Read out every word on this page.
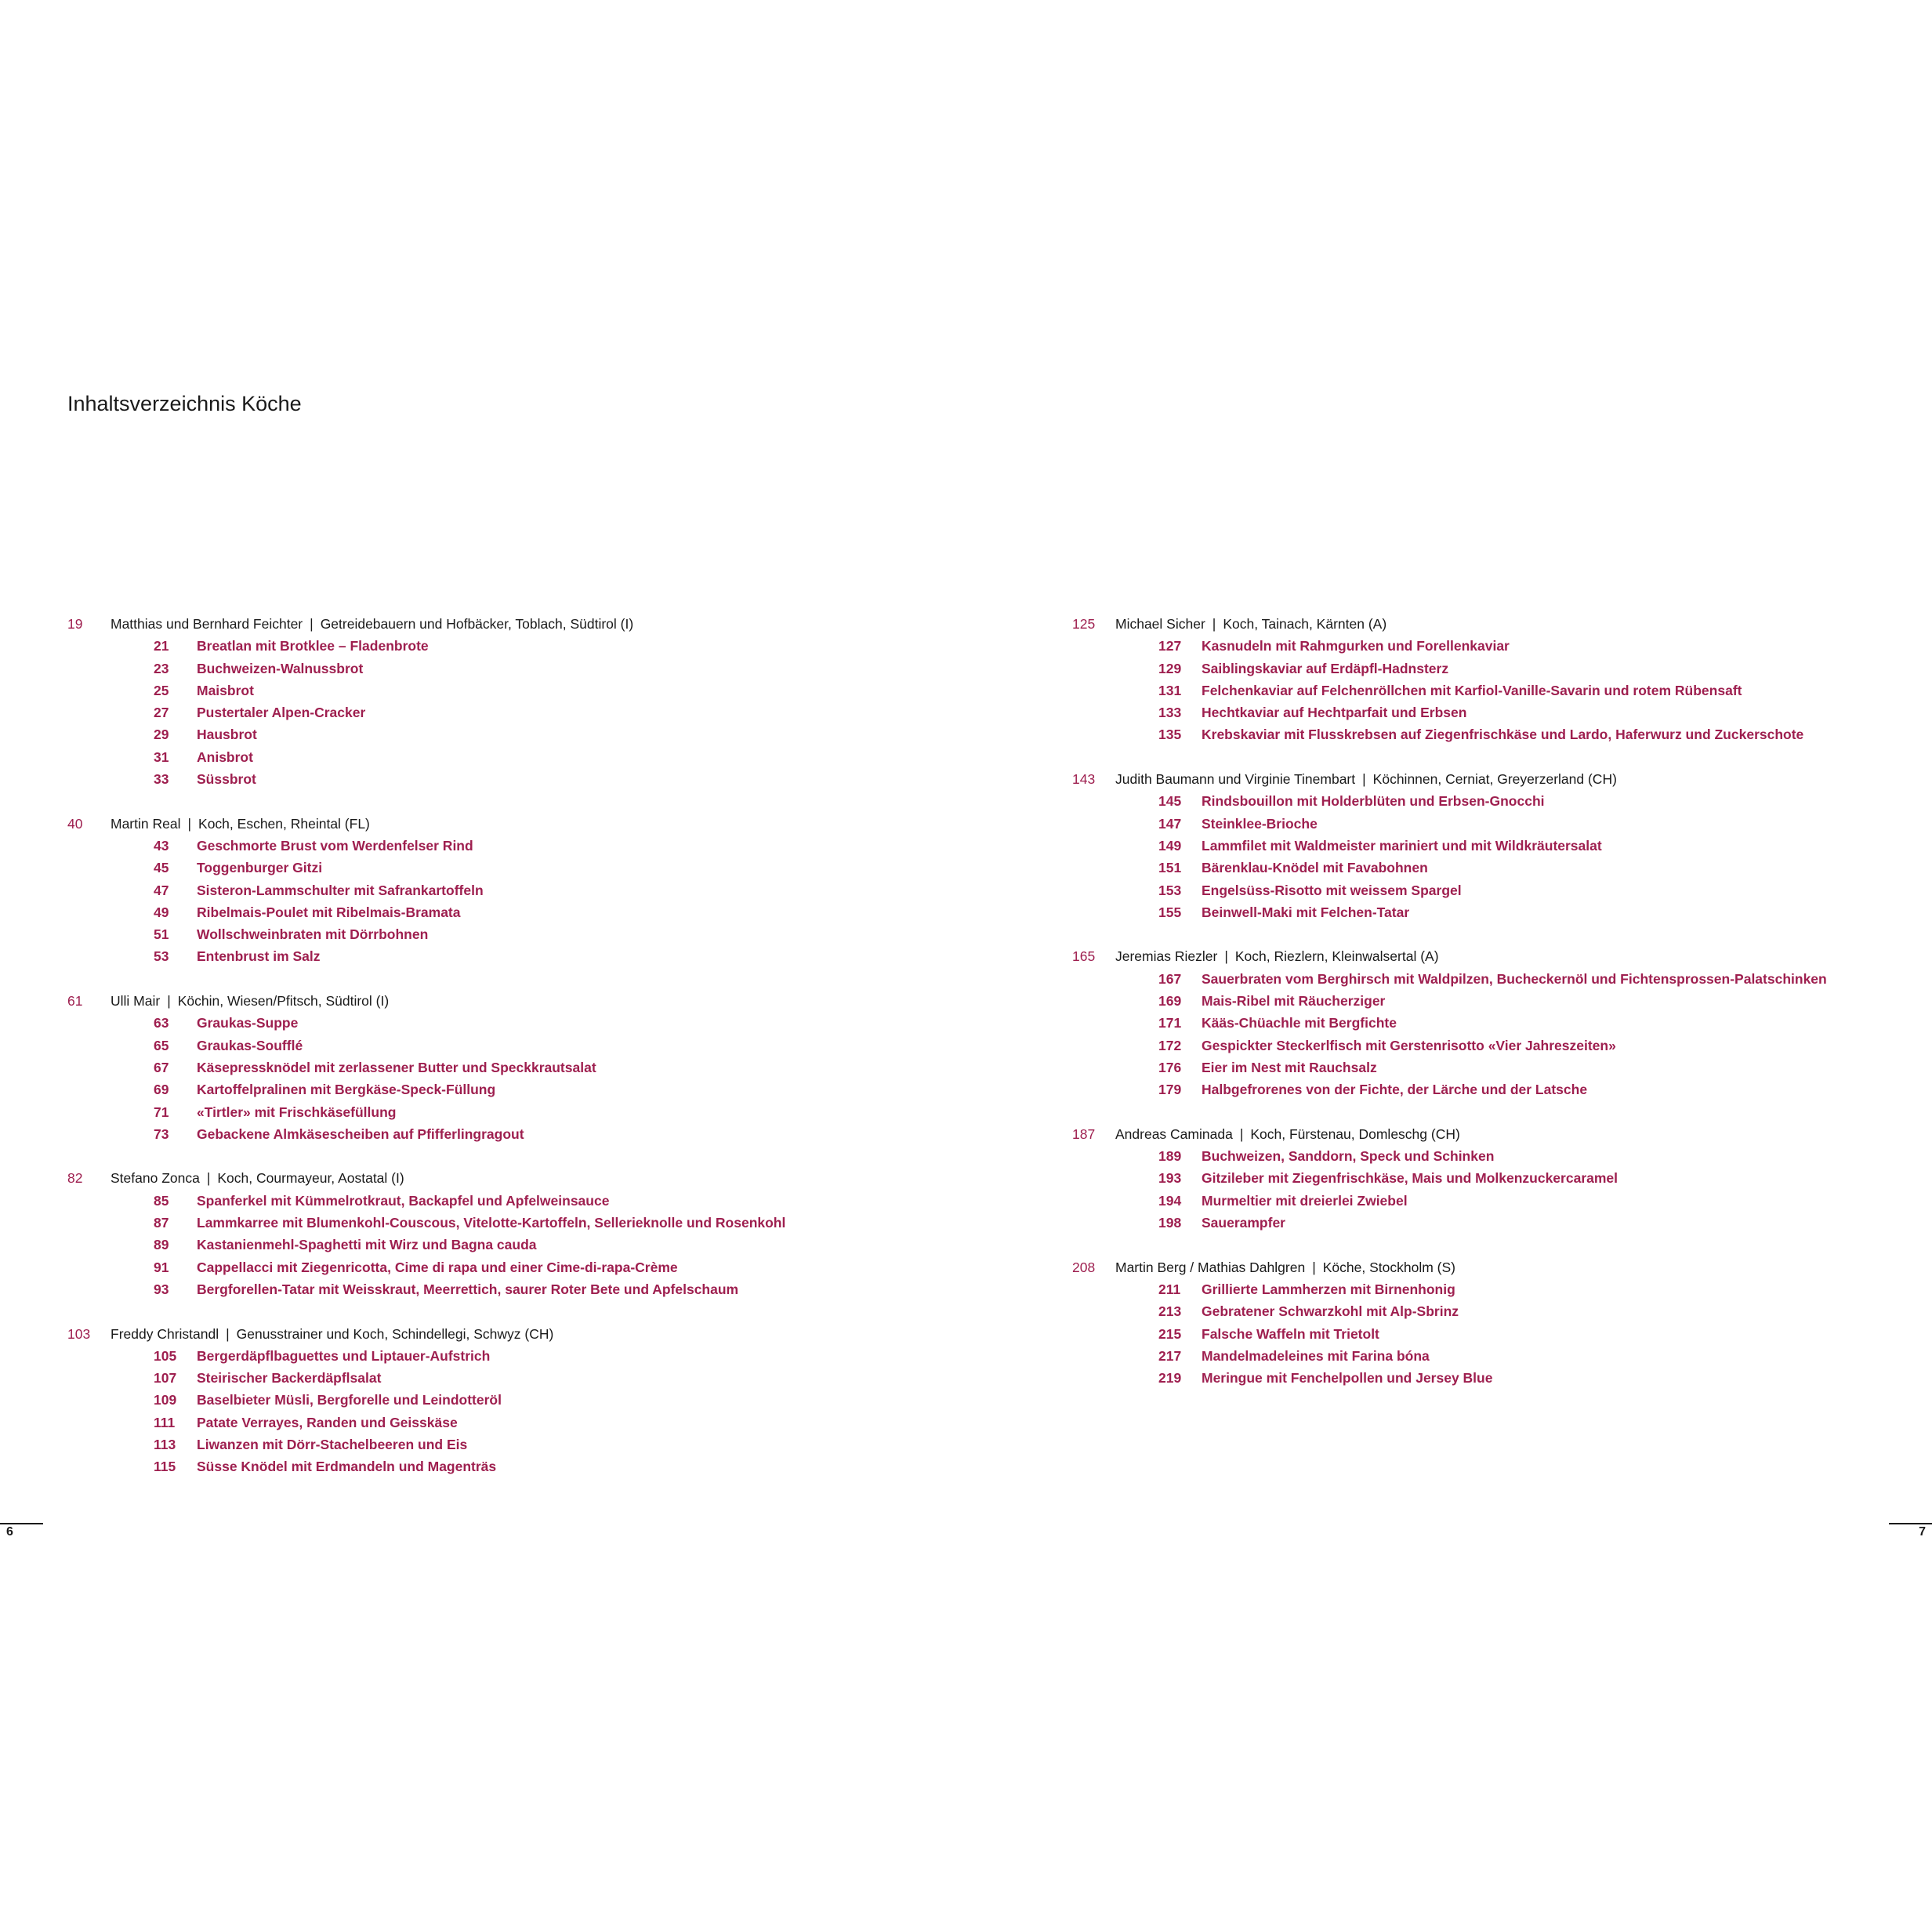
Inhaltsverzeichnis Köche
19 Matthias und Bernhard Feichter | Getreidebauern und Hofbäcker, Toblach, Südtirol (I)
21	Breatlan mit Brotklee – Fladenbrote
23	Buchweizen-Walnussbrot
25	Maisbrot
27	Pustertaler Alpen-Cracker
29	Hausbrot
31	Anisbrot
33	Süssbrot
40 Martin Real | Koch, Eschen, Rheintal (FL)
43	Geschmorte Brust vom Werdenfelser Rind
45	Toggenburger Gitzi
47	Sisteron-Lammschulter mit Safrankartoffeln
49	Ribelmais-Poulet mit Ribelmais-Bramata
51	Wollschweinbraten mit Dörrbohnen
53	Entenbrust im Salz
61 Ulli Mair | Köchin, Wiesen/Pfitsch, Südtirol (I)
63	Graukas-Suppe
65	Graukas-Soufflé
67	Käsepressknödel mit zerlassener Butter und Speckkrautsalat
69	Kartoffelpralinen mit Bergkäse-Speck-Füllung
71	«Tirtler» mit Frischkäsefüllung
73	Gebackene Almkäsescheiben auf Pfifferlingragout
82 Stefano Zonca | Koch, Courmayeur, Aostatal (I)
85	Spanferkel mit Kümmelrotkraut, Backapfel und Apfelweinsauce
87	Lammkarree mit Blumenkohl-Couscous, Vitelotte-Kartoffeln, Sellerieknolle und Rosenkohl
89	Kastanienmehl-Spaghetti mit Wirz und Bagna cauda
91	Cappellacci mit Ziegenricotta, Cime di rapa und einer Cime-di-rapa-Crème
93	Bergforellen-Tatar mit Weisskraut, Meerrettich, saurer Roter Bete und Apfelschaum
103 Freddy Christandl | Genusstrainer und Koch, Schindellegi, Schwyz (CH)
105	Bergerdäpflbaguettes und Liptauer-Aufstrich
107	Steirischer Backerdäpflsalat
109	Baselbieter Müsli, Bergforelle und Leindotteröl
111	Patate Verrayes, Randen und Geisskäse
113	Liwanzen mit Dörr-Stachelbeeren und Eis
115	Süsse Knödel mit Erdmandeln und Magenträs
125 Michael Sicher | Koch, Tainach, Kärnten (A)
127	Kasnudeln mit Rahmgurken und Forellenkaviar
129	Saiblingskaviar auf Erdäpfl-Hadnsterz
131	Felchenkaviar auf Felchenröllchen mit Karfiol-Vanille-Savarin und rotem Rübensaft
133	Hechtkaviar auf Hechtparfait und Erbsen
135	Krebskaviar mit Flusskrebsen auf Ziegenfrischkäse und Lardo, Haferwurz und Zuckerschote
143 Judith Baumann und Virginie Tinembart | Köchinnen, Cerniat, Greyerzerland (CH)
145	Rindsbouillon mit Holderblüten und Erbsen-Gnocchi
147	Steinklee-Brioche
149	Lammfilet mit Waldmeister mariniert und mit Wildkräutersalat
151	Bärenklau-Knödel mit Favabohnen
153	Engelsüss-Risotto mit weissem Spargel
155	Beinwell-Maki mit Felchen-Tatar
165 Jeremias Riezler | Koch, Riezlern, Kleinwalsertal (A)
167	Sauerbraten vom Berghirsch mit Waldpilzen, Bucheckernöl und Fichtensprossen-Palatschinken
169	Mais-Ribel mit Räucherziger
171	Kääs-Chüachle mit Bergfichte
172	Gespickter Steckerlfisch mit Gerstenrisotto «Vier Jahreszeiten»
176	Eier im Nest mit Rauchsalz
179	Halbgefrorenes von der Fichte, der Lärche und der Latsche
187 Andreas Caminada | Koch, Fürstenau, Domleschg (CH)
189	Buchweizen, Sanddorn, Speck und Schinken
193	Gitzileber mit Ziegenfrischkäse, Mais und Molkenzuckercaramel
194	Murmeltier mit dreierlei Zwiebel
198	Sauerampfer
208 Martin Berg / Mathias Dahlgren | Köche, Stockholm (S)
211	Grillierte Lammherzen mit Birnenhonig
213	Gebratener Schwarzkohl mit Alp-Sbrinz
215	Falsche Waffeln mit Trietolt
217	Mandelmadeleines mit Farina bóna
219	Meringue mit Fenchelpollen und Jersey Blue
6	7
